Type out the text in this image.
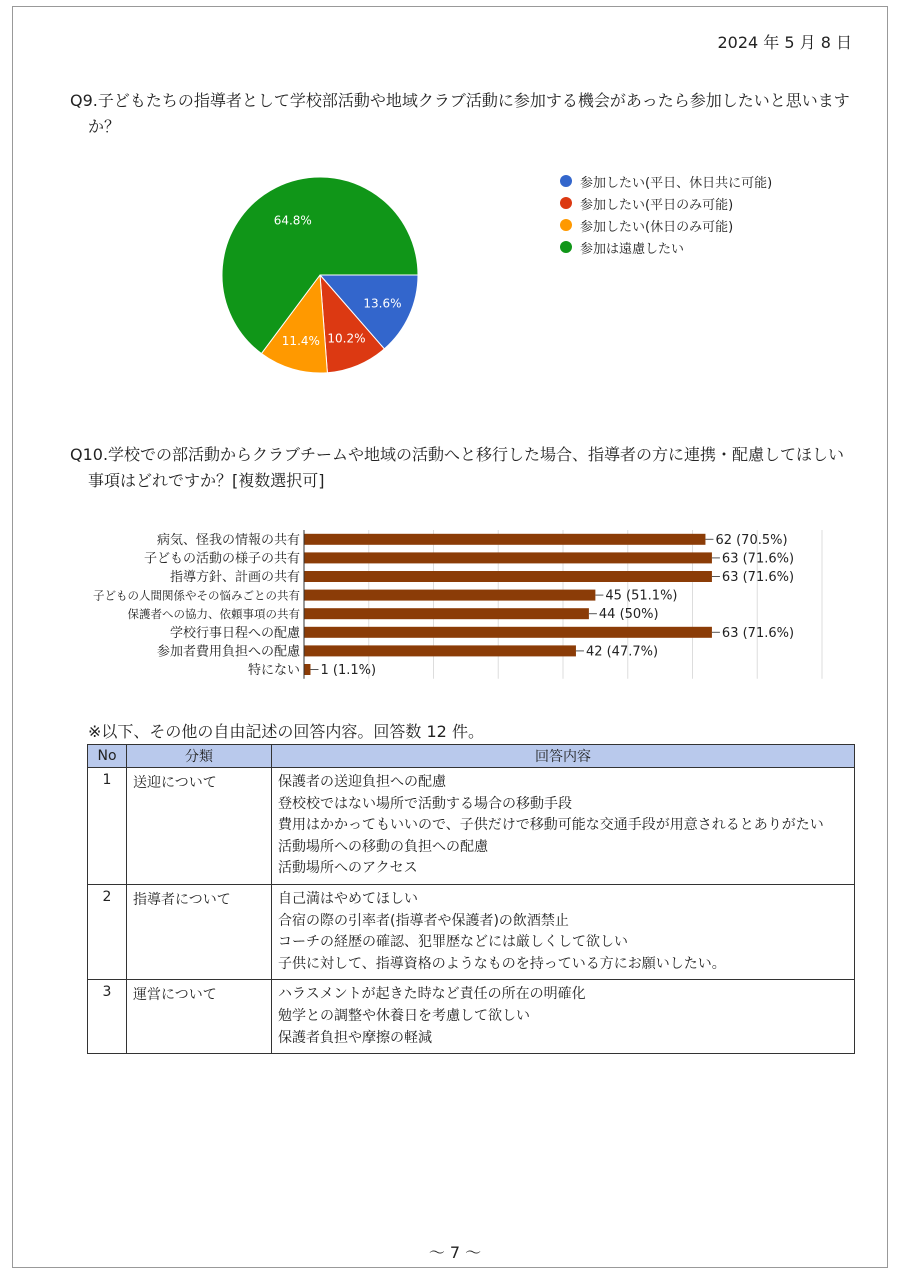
2024 年 5 月 8 日
Q9.子どもたちの指導者として学校部活動や地域クラブ活動に参加する機会があったら参加したいと思います
か？
13.6%
10.2%
11.4%
64.8%
参加したい(平日、休日共に可能)
参加したい(平日のみ可能)
参加したい(休日のみ可能)
参加は遠慮したい
Q10.学校での部活動からクラブチームや地域の活動へと移行した場合、指導者の方に連携・配慮してほしい
事項はどれですか？[複数選択可]
病気、怪我の情報の共有	62 (70.5%)
子どもの活動の様子の共有	63 (71.6%)
指導方針、計画の共有	63 (71.6%)
子どもの人間関係やその悩みごとの共有	45 (51.1%)
保護者への協力、依頼事項の共有	44 (50%)
学校行事日程への配慮	63 (71.6%)
参加者費用負担への配慮	42 (47.7%)
特にない 1 (1.1%)
※以下、その他の自由記述の回答内容。回答数 12 件。
No	分類	回答内容
1	送迎について	保護者の送迎負担への配慮
登校校ではない場所で活動する場合の移動手段
費用はかかってもいいので、子供だけで移動可能な交通手段が用意されるとありがたい
活動場所への移動の負担への配慮
活動場所へのアクセス

2	指導者について	自己満はやめてほしい
合宿の際の引率者(指導者や保護者)の飲酒禁止
コーチの経歴の確認、犯罪歴などには厳しくして欲しい
子供に対して、指導資格のようなものを持っている方にお願いしたい。

3	運営について	ハラスメントが起きた時など責任の所在の明確化
勉学との調整や休養日を考慮して欲しい
保護者負担や摩擦の軽減
～ 7 ～
